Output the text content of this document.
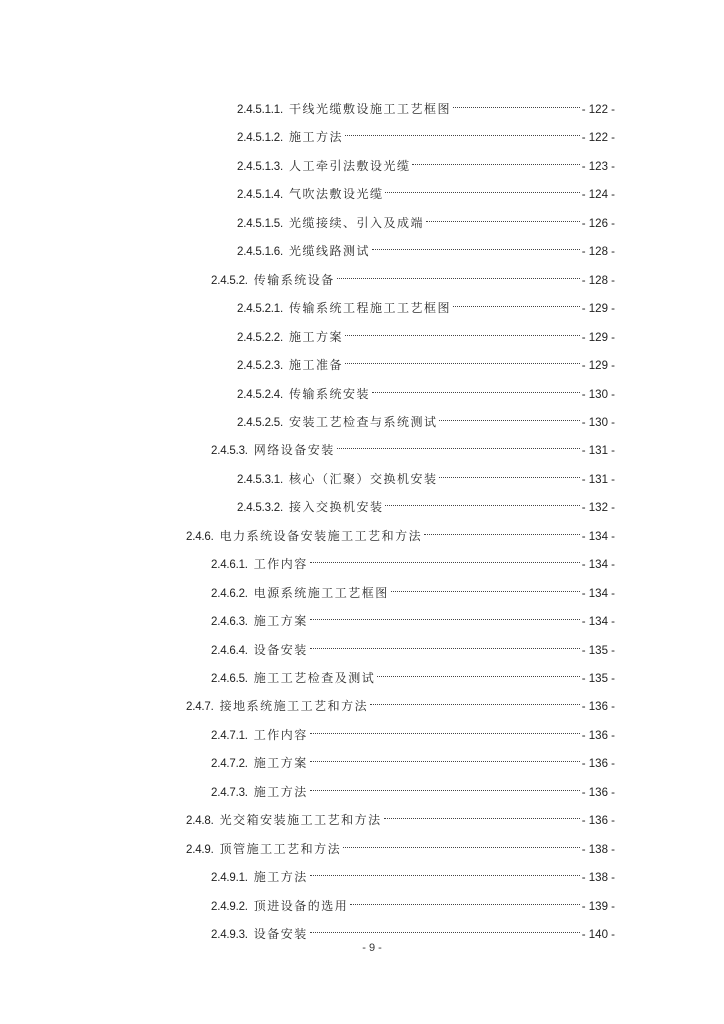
2.4.5.1.1. 干线光缆敷设施工工艺框图	- 122 -
2.4.5.1.2. 施工方法	- 122 -
2.4.5.1.3. 人工牵引法敷设光缆	- 123 -
2.4.5.1.4. 气吹法敷设光缆	- 124 -
2.4.5.1.5. 光缆接续、引入及成端	- 126 -
2.4.5.1.6. 光缆线路测试	- 128 -
2.4.5.2. 传输系统设备	- 128 -
2.4.5.2.1. 传输系统工程施工工艺框图	- 129 -
2.4.5.2.2. 施工方案	- 129 -
2.4.5.2.3. 施工准备	- 129 -
2.4.5.2.4. 传输系统安装	- 130 -
2.4.5.2.5. 安装工艺检查与系统测试	- 130 -
2.4.5.3. 网络设备安装	- 131 -
2.4.5.3.1. 核心（汇聚）交换机安装	- 131 -
2.4.5.3.2. 接入交换机安装	- 132 -
2.4.6. 电力系统设备安装施工工艺和方法	- 134 -
2.4.6.1. 工作内容	- 134 -
2.4.6.2. 电源系统施工工艺框图	- 134 -
2.4.6.3. 施工方案	- 134 -
2.4.6.4. 设备安装	- 135 -
2.4.6.5. 施工工艺检查及测试	- 135 -
2.4.7. 接地系统施工工艺和方法	- 136 -
2.4.7.1. 工作内容	- 136 -
2.4.7.2. 施工方案	- 136 -
2.4.7.3. 施工方法	- 136 -
2.4.8. 光交箱安装施工工艺和方法	- 136 -
2.4.9. 顶管施工工艺和方法	- 138 -
2.4.9.1. 施工方法	- 138 -
2.4.9.2. 顶进设备的选用	- 139 -
2.4.9.3. 设备安装	- 140 -
- 9 -
